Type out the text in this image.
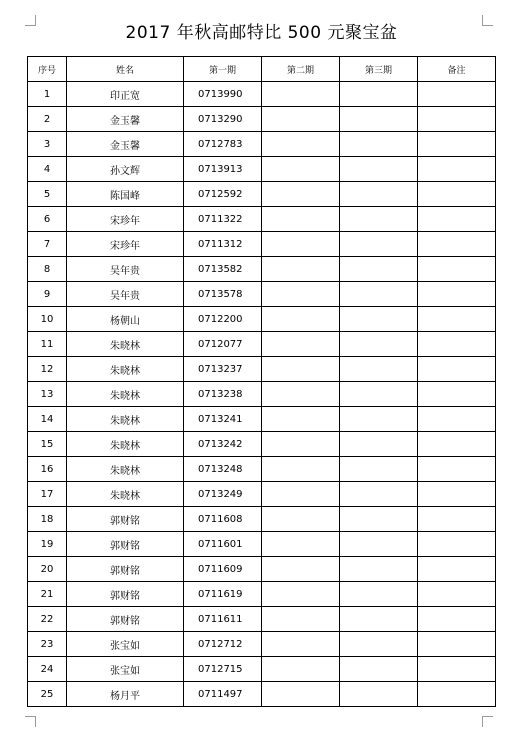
2017 年秋高邮特比 500 元聚宝盆
序号	姓名	第一期	第二期	第三期	备注
1	印正宽	0713990			
2	金玉馨	0713290			
3	金玉馨	0712783			
4	孙文辉	0713913			
5	陈国峰	0712592			
6	宋珍年	0711322			
7	宋珍年	0711312			
8	吴年贵	0713582			
9	吴年贵	0713578			
10	杨朝山	0712200			
11	朱晓林	0712077			
12	朱晓林	0713237			
13	朱晓林	0713238			
14	朱晓林	0713241			
15	朱晓林	0713242			
16	朱晓林	0713248			
17	朱晓林	0713249			
18	郭财铭	0711608			
19	郭财铭	0711601			
20	郭财铭	0711609			
21	郭财铭	0711619			
22	郭财铭	0711611			
23	张宝如	0712712			
24	张宝如	0712715			
25	杨月平	0711497			
